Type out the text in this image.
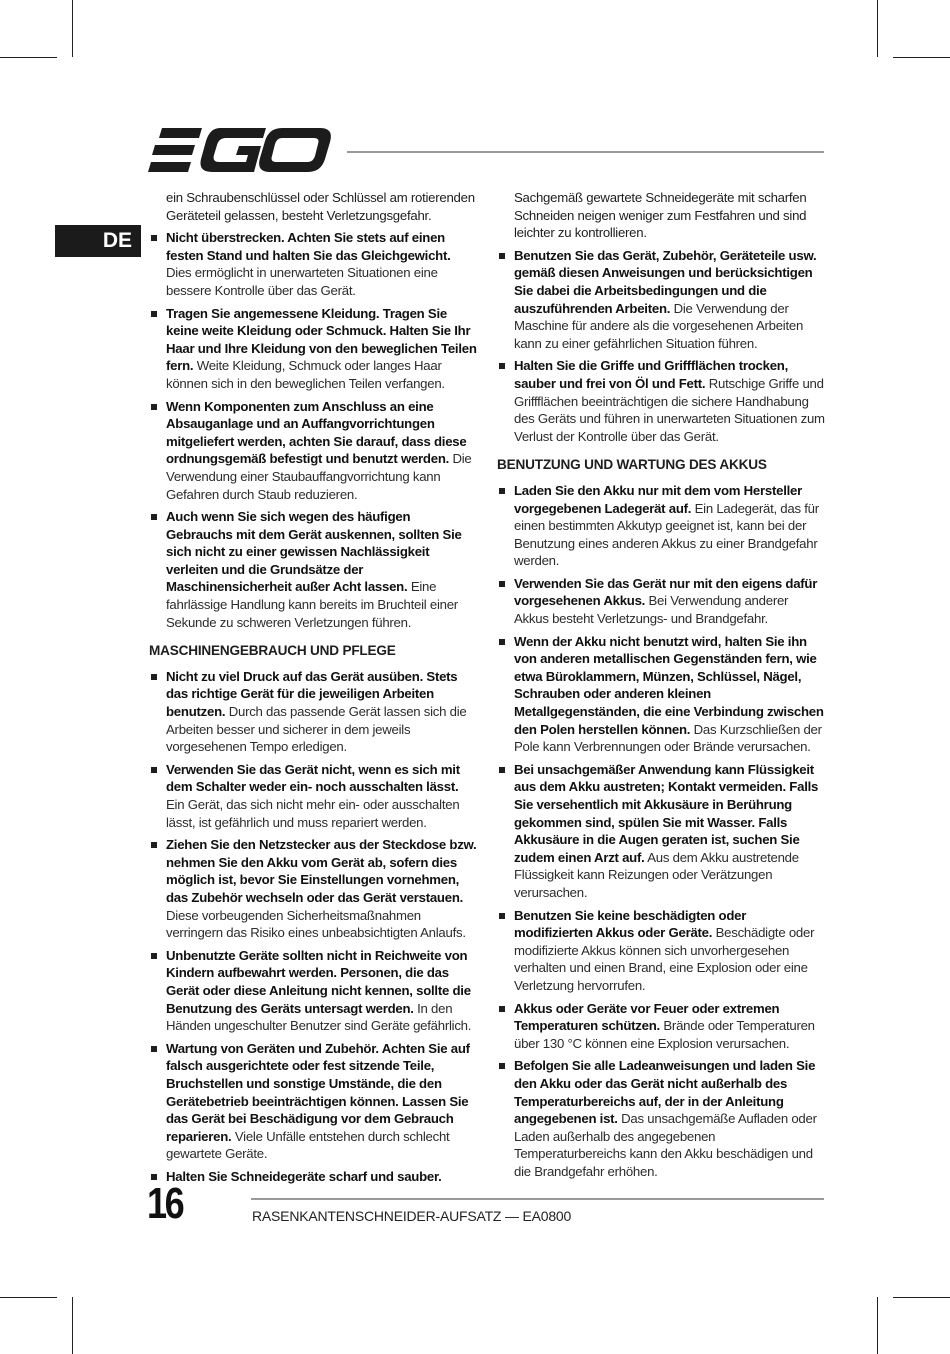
DE

ein Schraubenschlüssel oder Schlüssel am rotierenden Geräteteil gelassen, besteht Verletzungsgefahr.

Nicht überstrecken. Achten Sie stets auf einen festen Stand und halten Sie das Gleichgewicht. Dies ermöglicht in unerwarteten Situationen eine bessere Kontrolle über das Gerät.
Tragen Sie angemessene Kleidung. Tragen Sie keine weite Kleidung oder Schmuck. Halten Sie Ihr Haar und Ihre Kleidung von den beweglichen Teilen fern. Weite Kleidung, Schmuck oder langes Haar können sich in den beweglichen Teilen verfangen.
Wenn Komponenten zum Anschluss an eine Absauganlage und an Auffangvorrichtungen mitgeliefert werden, achten Sie darauf, dass diese ordnungsgemäß befestigt und benutzt werden. Die Verwendung einer Staubauffangvorrichtung kann Gefahren durch Staub reduzieren.
Auch wenn Sie sich wegen des häufigen Gebrauchs mit dem Gerät auskennen, sollten Sie sich nicht zu einer gewissen Nachlässigkeit verleiten und die Grundsätze der Maschinensicherheit außer Acht lassen. Eine fahrlässige Handlung kann bereits im Bruchteil einer Sekunde zu schweren Verletzungen führen.
MASCHINENGEBRAUCH UND PFLEGE
Nicht zu viel Druck auf das Gerät ausüben. Stets das richtige Gerät für die jeweiligen Arbeiten benutzen. Durch das passende Gerät lassen sich die Arbeiten besser und sicherer in dem jeweils vorgesehenen Tempo erledigen.
Verwenden Sie das Gerät nicht, wenn es sich mit dem Schalter weder ein- noch ausschalten lässt. Ein Gerät, das sich nicht mehr ein- oder ausschalten lässt, ist gefährlich und muss repariert werden.
Ziehen Sie den Netzstecker aus der Steckdose bzw. nehmen Sie den Akku vom Gerät ab, sofern dies möglich ist, bevor Sie Einstellungen vornehmen, das Zubehör wechseln oder das Gerät verstauen. Diese vorbeugenden Sicherheitsmaßnahmen verringern das Risiko eines unbeabsichtigten Anlaufs.
Unbenutzte Geräte sollten nicht in Reichweite von Kindern aufbewahrt werden. Personen, die das Gerät oder diese Anleitung nicht kennen, sollte die Benutzung des Geräts untersagt werden. In den Händen ungeschulter Benutzer sind Geräte gefährlich.
Wartung von Geräten und Zubehör. Achten Sie auf falsch ausgerichtete oder fest sitzende Teile, Bruchstellen und sonstige Umstände, die den Gerätebetrieb beeinträchtigen können. Lassen Sie das Gerät bei Beschädigung vor dem Gebrauch reparieren. Viele Unfälle entstehen durch schlecht gewartete Geräte.
Halten Sie Schneidegeräte scharf und sauber.

Sachgemäß gewartete Schneidegeräte mit scharfen Schneiden neigen weniger zum Festfahren und sind leichter zu kontrollieren.

Benutzen Sie das Gerät, Zubehör, Geräteteile usw. gemäß diesen Anweisungen und berücksichtigen Sie dabei die Arbeitsbedingungen und die auszuführenden Arbeiten. Die Verwendung der Maschine für andere als die vorgesehenen Arbeiten kann zu einer gefährlichen Situation führen.
Halten Sie die Griffe und Griffflächen trocken, sauber und frei von Öl und Fett. Rutschige Griffe und Griffflächen beeinträchtigen die sichere Handhabung des Geräts und führen in unerwarteten Situationen zum Verlust der Kontrolle über das Gerät.
BENUTZUNG UND WARTUNG DES AKKUS
Laden Sie den Akku nur mit dem vom Hersteller vorgegebenen Ladegerät auf. Ein Ladegerät, das für einen bestimmten Akkutyp geeignet ist, kann bei der Benutzung eines anderen Akkus zu einer Brandgefahr werden.
Verwenden Sie das Gerät nur mit den eigens dafür vorgesehenen Akkus. Bei Verwendung anderer Akkus besteht Verletzungs- und Brandgefahr.
Wenn der Akku nicht benutzt wird, halten Sie ihn von anderen metallischen Gegenständen fern, wie etwa Büroklammern, Münzen, Schlüssel, Nägel, Schrauben oder anderen kleinen Metallgegenständen, die eine Verbindung zwischen den Polen herstellen können. Das Kurzschließen der Pole kann Verbrennungen oder Brände verursachen.
Bei unsachgemäßer Anwendung kann Flüssigkeit aus dem Akku austreten; Kontakt vermeiden. Falls Sie versehentlich mit Akkusäure in Berührung gekommen sind, spülen Sie mit Wasser. Falls Akkusäure in die Augen geraten ist, suchen Sie zudem einen Arzt auf. Aus dem Akku austretende Flüssigkeit kann Reizungen oder Verätzungen verursachen.
Benutzen Sie keine beschädigten oder modifizierten Akkus oder Geräte. Beschädigte oder modifizierte Akkus können sich unvorhergesehen verhalten und einen Brand, eine Explosion oder eine Verletzung hervorrufen.
Akkus oder Geräte vor Feuer oder extremen Temperaturen schützen. Brände oder Temperaturen über 130 °C können eine Explosion verursachen.
Befolgen Sie alle Ladeanweisungen und laden Sie den Akku oder das Gerät nicht außerhalb des Temperaturbereichs auf, der in der Anleitung angegebenen ist. Das unsachgemäße Aufladen oder Laden außerhalb des angegebenen Temperaturbereichs kann den Akku beschädigen und die Brandgefahr erhöhen.
16	RASENKANTENSCHNEIDER-AUFSATZ — EA0800
